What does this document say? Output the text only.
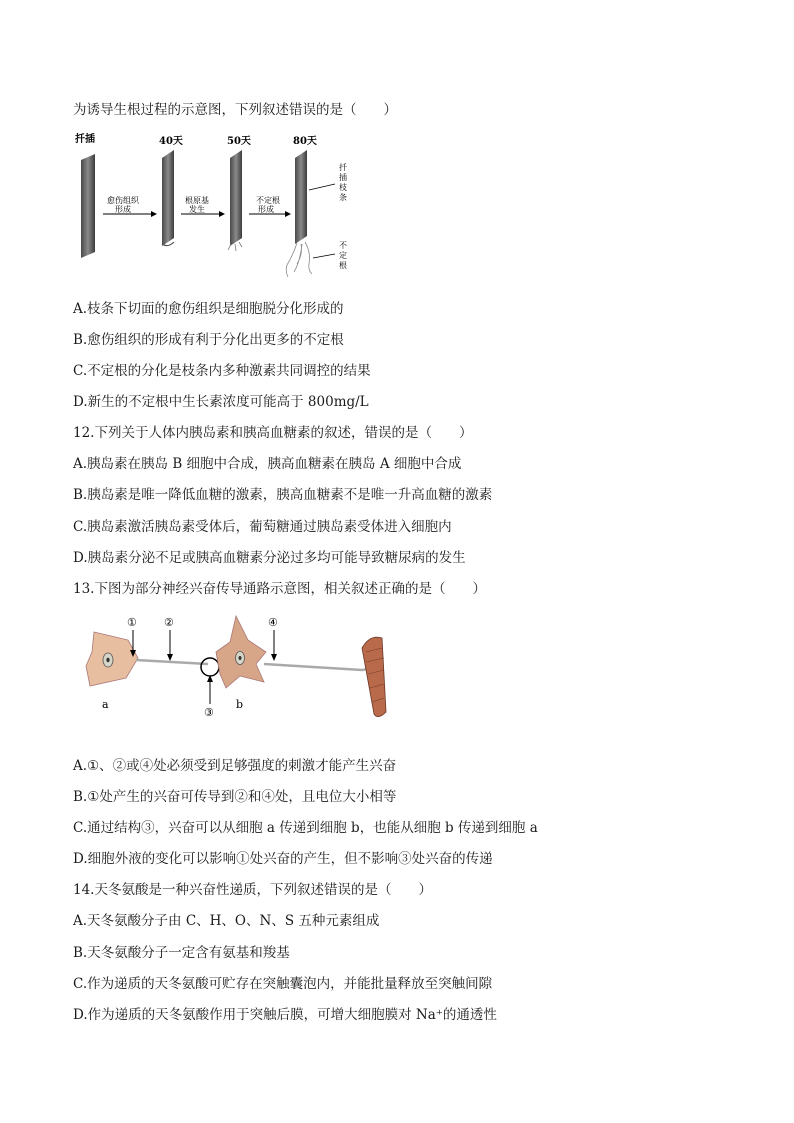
为诱导生根过程的示意图，下列叙述错误的是（　　）
扦插	40天	50天	80天
愈伤组织
形成
根原基
发生
不定根
形成
扦
插
枝
条
不
定
根
A.枝条下切面的愈伤组织是细胞脱分化形成的
B.愈伤组织的形成有利于分化出更多的不定根
C.不定根的分化是枝条内多种激素共同调控的结果
D.新生的不定根中生长素浓度可能高于 800mg/L
12.下列关于人体内胰岛素和胰高血糖素的叙述，错误的是（　　）
A.胰岛素在胰岛 B 细胞中合成，胰高血糖素在胰岛 A 细胞中合成
B.胰岛素是唯一降低血糖的激素，胰高血糖素不是唯一升高血糖的激素
C.胰岛素激活胰岛素受体后，葡萄糖通过胰岛素受体进入细胞内
D.胰岛素分泌不足或胰高血糖素分泌过多均可能导致糖尿病的发生
13.下图为部分神经兴奋传导通路示意图，相关叙述正确的是（　　）
① ②
③
④
a	b
A.①、②或④处必须受到足够强度的刺激才能产生兴奋
B.①处产生的兴奋可传导到②和④处，且电位大小相等
C.通过结构③，兴奋可以从细胞 a 传递到细胞 b，也能从细胞 b 传递到细胞 a
D.细胞外液的变化可以影响①处兴奋的产生，但不影响③处兴奋的传递
14.天冬氨酸是一种兴奋性递质，下列叙述错误的是（　　）
A.天冬氨酸分子由 C、H、O、N、S 五种元素组成
B.天冬氨酸分子一定含有氨基和羧基
C.作为递质的天冬氨酸可贮存在突触囊泡内，并能批量释放至突触间隙
D.作为递质的天冬氨酸作用于突触后膜，可增大细胞膜对 Na⁺的通透性
